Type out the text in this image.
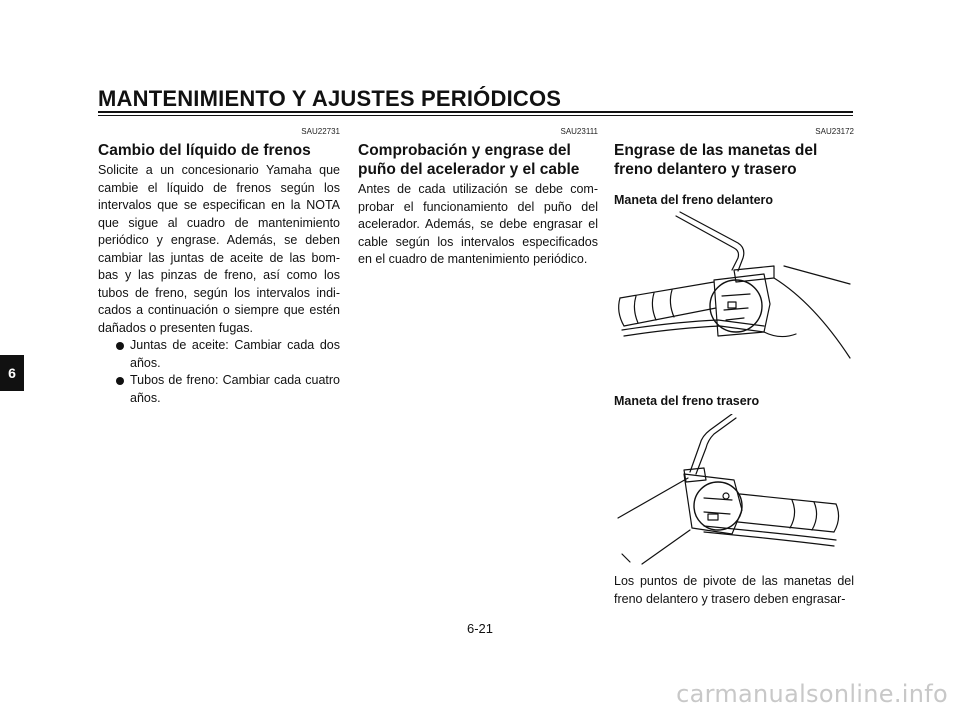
MANTENIMIENTO Y AJUSTES PERIÓDICOS
6
SAU22731
Cambio del líquido de frenos

Solicite a un concesionario Yamaha que cambie el líquido de frenos según los intervalos que se especifican en la NOTA que sigue al cuadro de mantenimiento periódico y engrase. Además, se deben cambiar las juntas de aceite de las bom-bas y las pinzas de freno, así como los tubos de freno, según los intervalos indi-cados a continuación o siempre que estén dañados o presenten fugas.

Juntas de aceite: Cambiar cada dos años.
Tubos de freno: Cambiar cada cuatro años.
SAU23111
Comprobación y engrase del puño del acelerador y el cable

Antes de cada utilización se debe com-probar el funcionamiento del puño del acelerador. Además, se debe engrasar el cable según los intervalos especificados en el cuadro de mantenimiento periódico.

SAU23172
Engrase de las manetas del freno delantero y trasero
Maneta del freno delantero
Maneta del freno trasero

Los puntos de pivote de las manetas del freno delantero y trasero deben engrasar-

6-21
carmanualsonline.info
